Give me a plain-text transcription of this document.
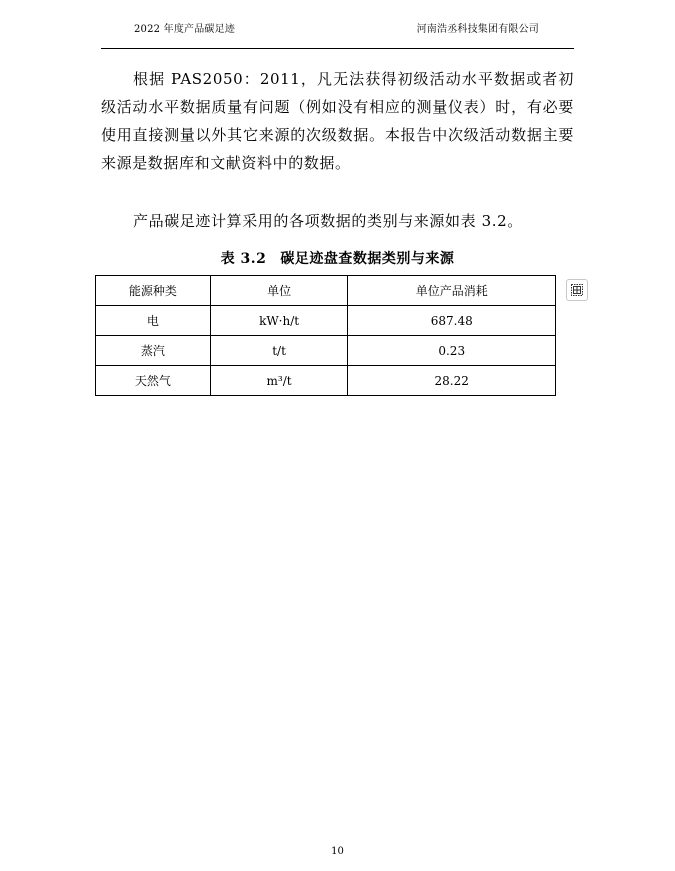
2022 年度产品碳足迹	河南浩丞科技集团有限公司

根据 PAS2050：2011，凡无法获得初级活动水平数据或者初级活动水平数据质量有问题（例如没有相应的测量仪表）时，有必要使用直接测量以外其它来源的次级数据。本报告中次级活动数据主要来源是数据库和文献资料中的数据。

产品碳足迹计算采用的各项数据的类别与来源如表 3.2。

表 3.2 碳足迹盘查数据类别与来源
能源种类	单位	单位产品消耗
电	kW·h/t	687.48
蒸汽	t/t	0.23
天然气	m³/t	28.22
10
